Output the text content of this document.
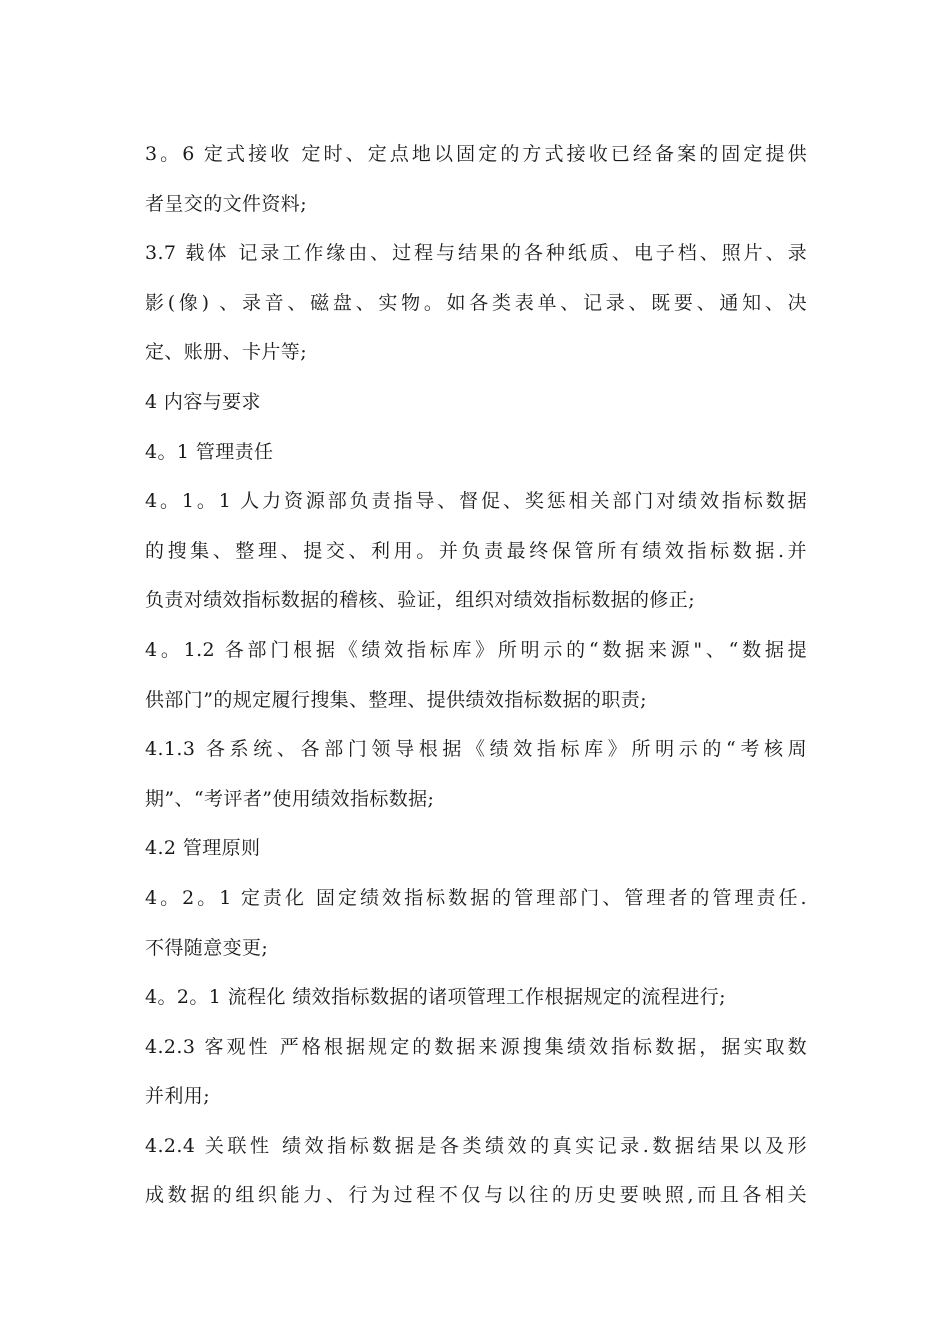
3。6 定式接收 定时、定点地以固定的方式接收已经备案的固定提供
者呈交的文件资料;
3.7 载体 记录工作缘由、过程与结果的各种纸质、电子档、照片、录
影(像) 、录音、磁盘、实物。如各类表单、记录、既要、通知、决
定、账册、卡片等;
4 内容与要求
4。1 管理责任
4。1。1 人力资源部负责指导、督促、奖惩相关部门对绩效指标数据
的搜集、整理、提交、利用。并负责最终保管所有绩效指标数据.并
负责对绩效指标数据的稽核、验证，组织对绩效指标数据的修正;
4。1.2 各部门根据《绩效指标库》所明示的“数据来源"、“数据提
供部门”的规定履行搜集、整理、提供绩效指标数据的职责;
4.1.3 各系统、各部门领导根据《绩效指标库》所明示的“考核周
期”、“考评者”使用绩效指标数据;
4.2 管理原则
4。2。1 定责化 固定绩效指标数据的管理部门、管理者的管理责任.
不得随意变更;
4。2。1 流程化 绩效指标数据的诸项管理工作根据规定的流程进行;
4.2.3 客观性 严格根据规定的数据来源搜集绩效指标数据，据实取数
并利用;
4.2.4 关联性 绩效指标数据是各类绩效的真实记录.数据结果以及形
成数据的组织能力、行为过程不仅与以往的历史要映照,而且各相关
